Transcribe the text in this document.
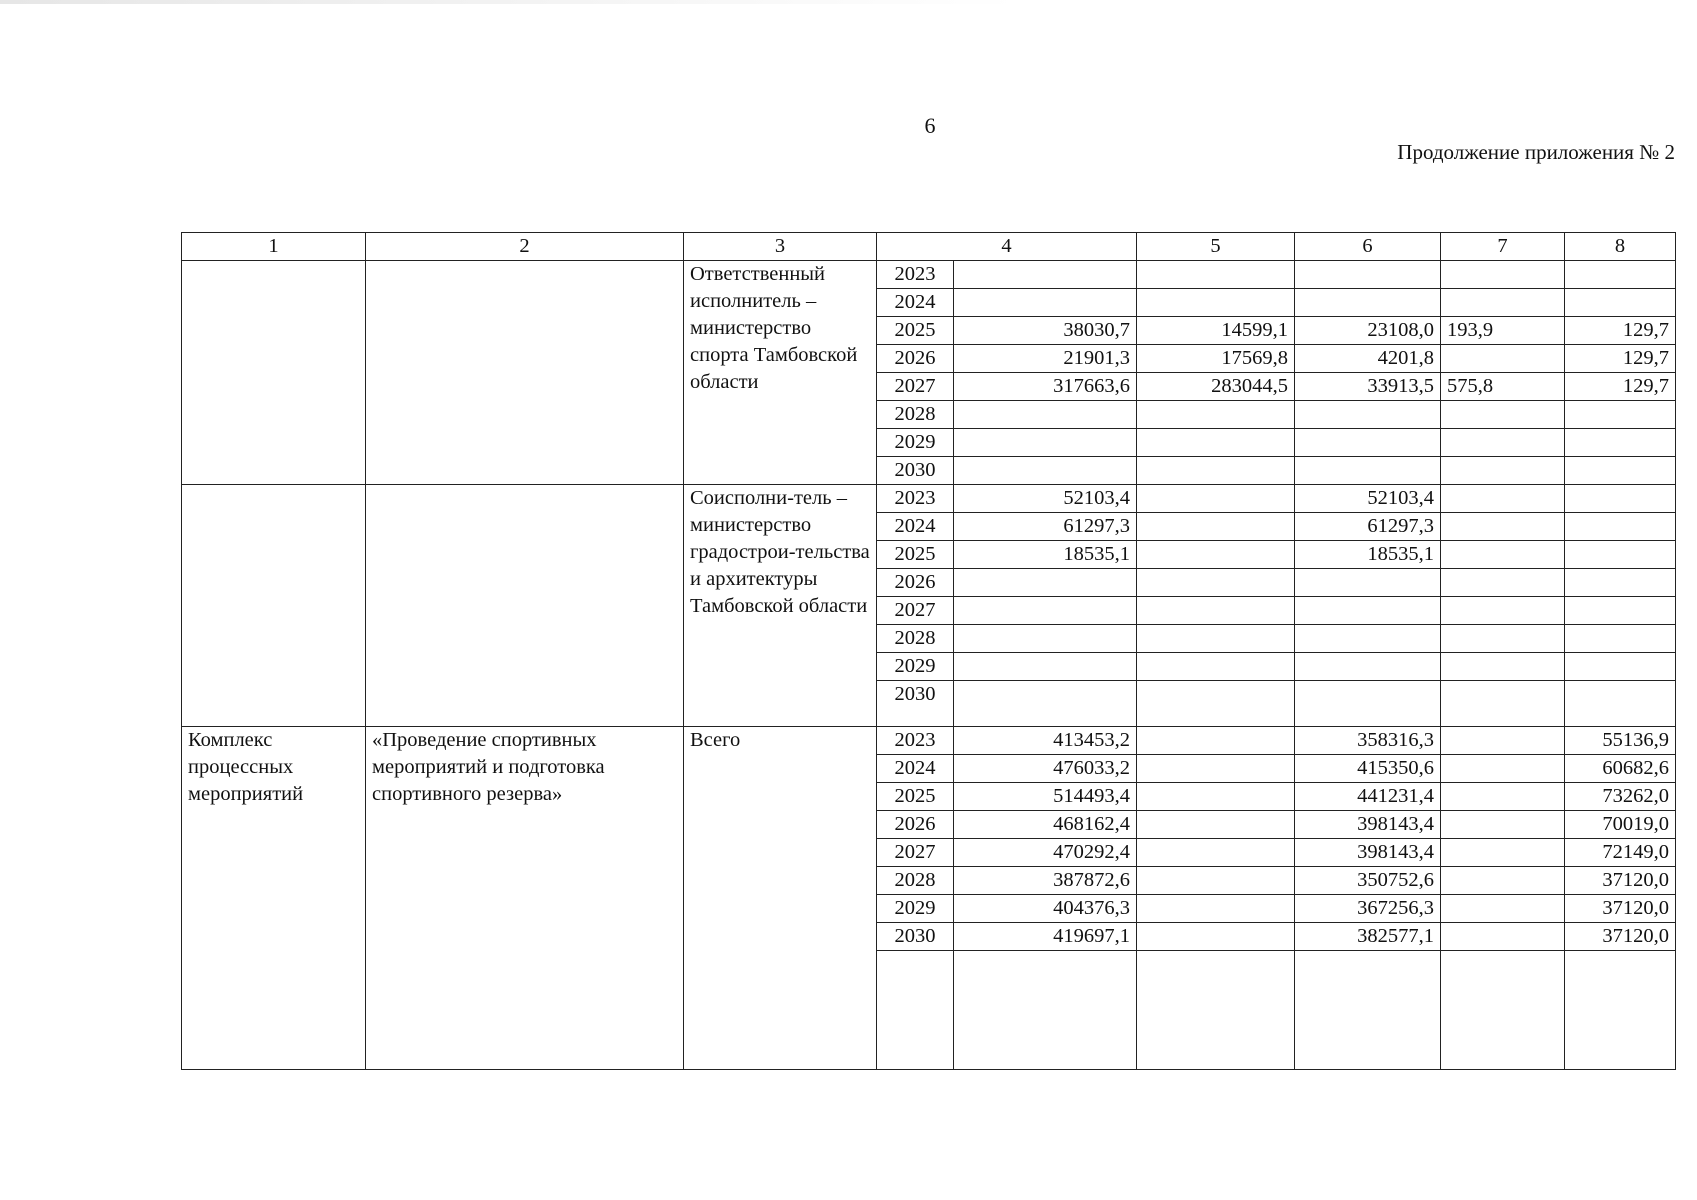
6
Продолжение приложения № 2
1	2	3	4		5	6	7	8
		Ответственный исполнитель – министерство спорта Тамбовской области	2023					
			2024					
			2025	38030,7	14599,1	23108,0	193,9	129,7
			2026	21901,3	17569,8	4201,8		129,7
			2027	317663,6	283044,5	33913,5	575,8	129,7
			2028					
			2029					
			2030					
		Соисполни-тель – министерство градострои-тельства и архитектуры Тамбовской области	2023	52103,4		52103,4		
			2024	61297,3		61297,3		
			2025	18535,1		18535,1		
			2026					
			2027					
			2028					
			2029					
			2030					
Комплекс процессных мероприятий	«Проведение спортивных мероприятий и подготовка спортивного резерва»	Всего	2023	413453,2		358316,3		55136,9
			2024	476033,2		415350,6		60682,6
			2025	514493,4		441231,4		73262,0
			2026	468162,4		398143,4		70019,0
			2027	470292,4		398143,4		72149,0
			2028	387872,6		350752,6		37120,0
			2029	404376,3		367256,3		37120,0
			2030	419697,1		382577,1		37120,0
